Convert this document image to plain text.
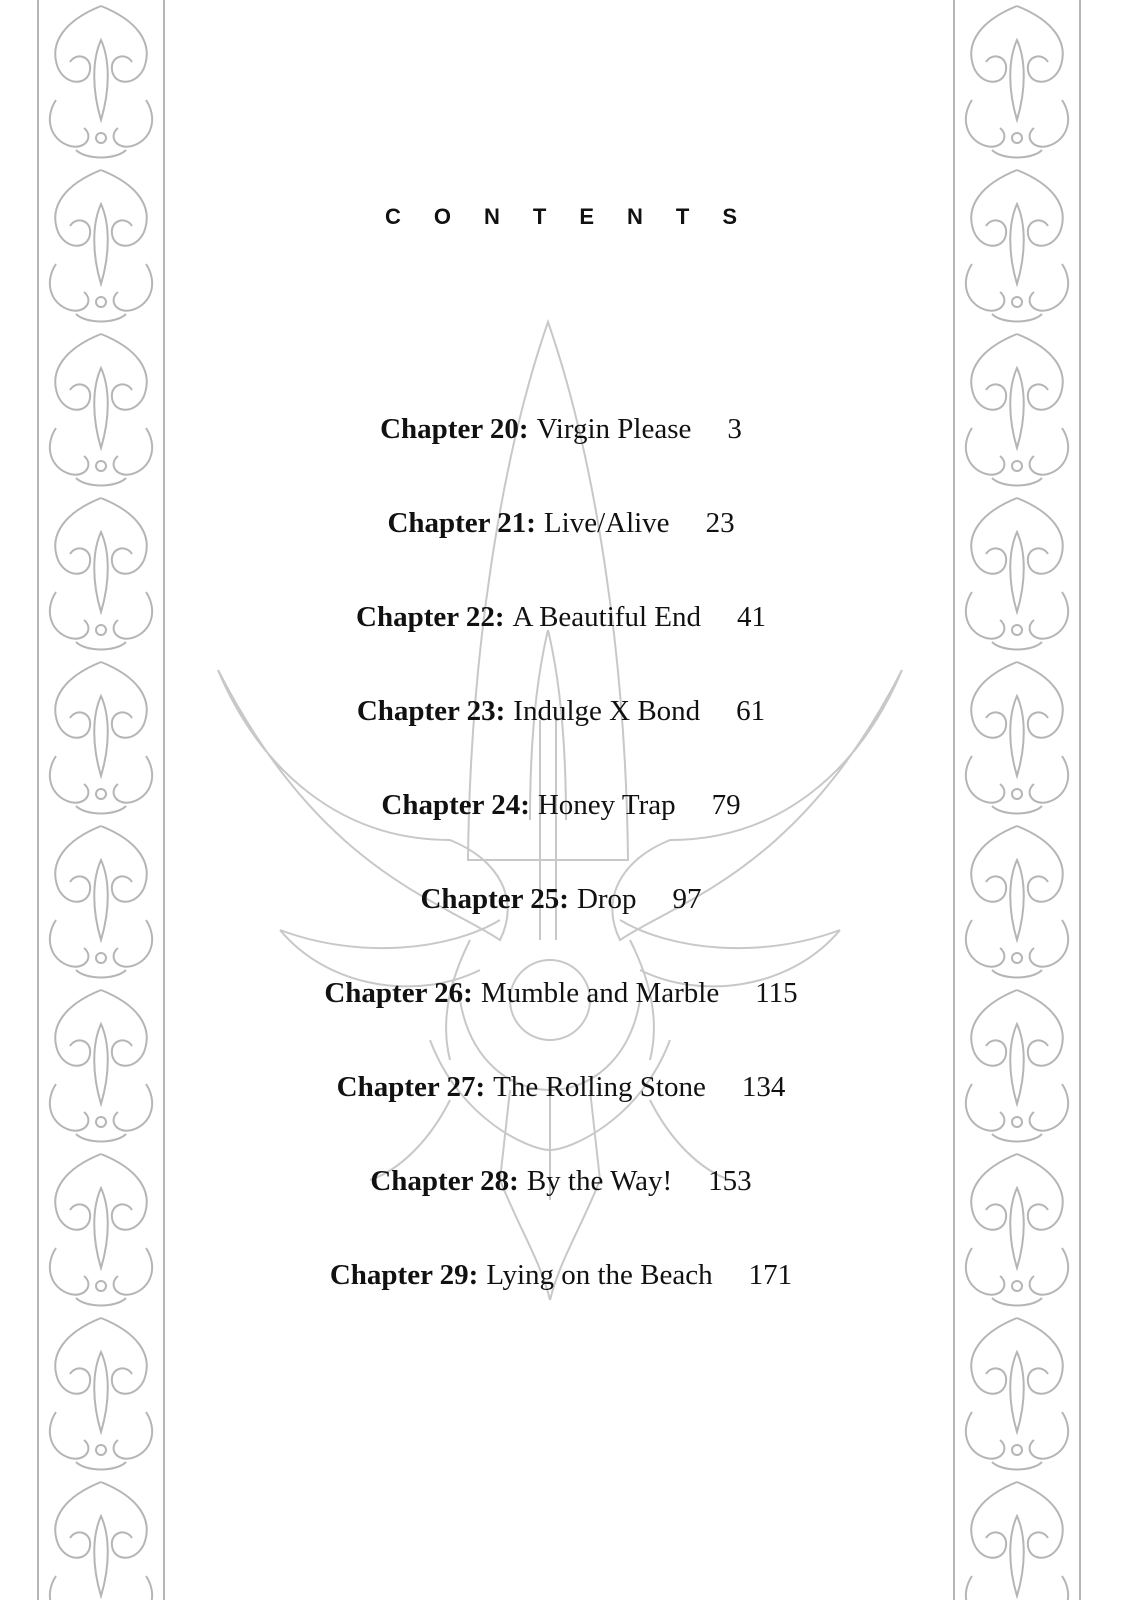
CONTENTS
Chapter 20: Virgin Please 3
Chapter 21: Live/Alive 23
Chapter 22: A Beautiful End 41
Chapter 23: Indulge X Bond 61
Chapter 24: Honey Trap 79
Chapter 25: Drop 97
Chapter 26: Mumble and Marble 115
Chapter 27: The Rolling Stone 134
Chapter 28: By the Way! 153
Chapter 29: Lying on the Beach 171
